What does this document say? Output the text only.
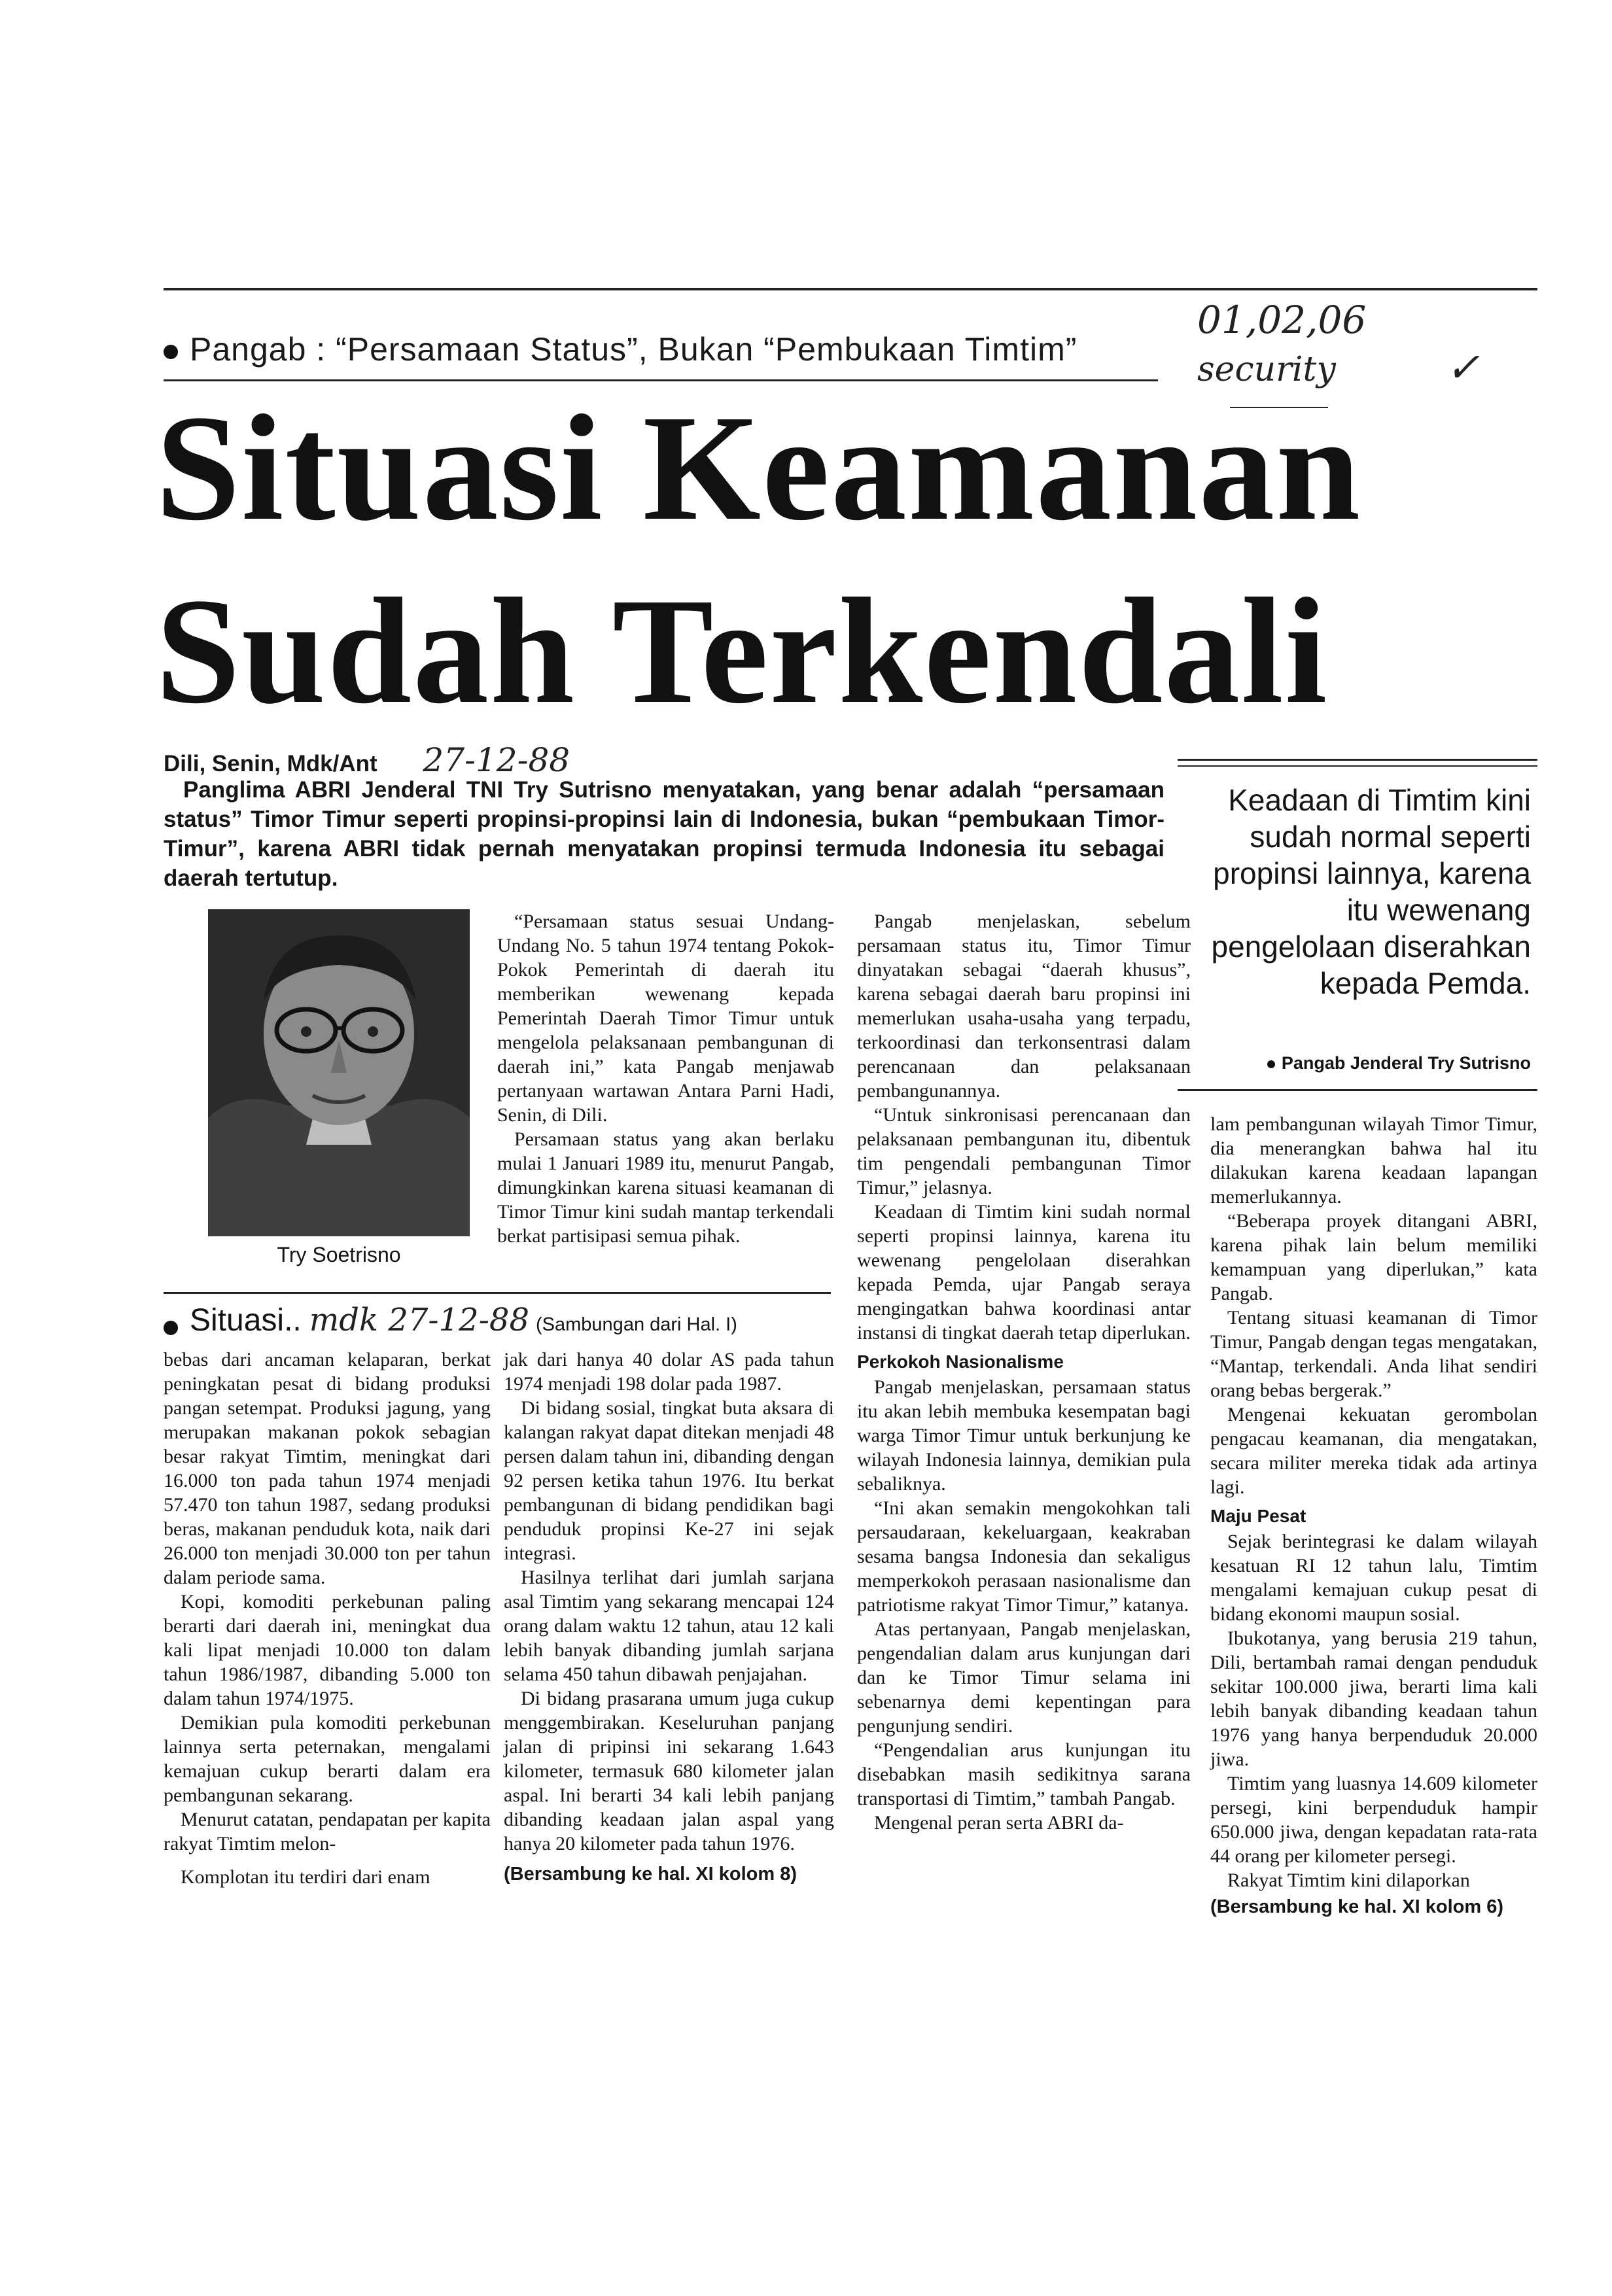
Pangab : “Persamaan Status”, Bukan “Pembukaan Timtim”
01,02,06
security	✓
Situasi Keamanan
Sudah Terkendali
Dili, Senin, Mdk/Ant 27-12-88
Panglima ABRI Jenderal TNI Try Sutrisno menyatakan, yang benar adalah “persamaan status” Timor Timur seperti propinsi-propinsi lain di Indonesia, bukan “pembukaan Timor-Timur”, karena ABRI tidak pernah menyatakan propinsi termuda Indonesia itu sebagai daerah tertutup.
Keadaan di Timtim kini sudah normal seperti propinsi lainnya, karena itu wewenang pengelolaan diserahkan kepada Pemda.
Pangab Jenderal Try Sutrisno
Try Soetrisno

“Persamaan status sesuai Undang-Undang No. 5 tahun 1974 tentang Pokok-Pokok Pemerintah di daerah itu memberikan wewenang kepada Pemerintah Daerah Timor Timur untuk mengelola pelaksanaan pembangunan di daerah ini,” kata Pangab menjawab pertanyaan wartawan Antara Parni Hadi, Senin, di Dili.

Persamaan status yang akan berlaku mulai 1 Januari 1989 itu, menurut Pangab, dimungkinkan karena situasi keamanan di Timor Timur kini sudah mantap terkendali berkat partisipasi semua pihak.

Pangab menjelaskan, sebelum persamaan status itu, Timor Timur dinyatakan sebagai “daerah khusus”, karena sebagai daerah baru propinsi ini memerlukan usaha-usaha yang terpadu, terkoordinasi dan terkonsentrasi dalam perencanaan dan pelaksanaan pembangunannya.

“Untuk sinkronisasi perencanaan dan pelaksanaan pembangunan itu, dibentuk tim pengendali pembangunan Timor Timur,” jelasnya.

Keadaan di Timtim kini sudah normal seperti propinsi lainnya, karena itu wewenang pengelolaan diserahkan kepada Pemda, ujar Pangab seraya mengingatkan bahwa koordinasi antar instansi di tingkat daerah tetap diperlukan.

Perkokoh Nasionalisme

Pangab menjelaskan, persamaan status itu akan lebih membuka kesempatan bagi warga Timor Timur untuk berkunjung ke wilayah Indonesia lainnya, demikian pula sebaliknya.

“Ini akan semakin mengokohkan tali persaudaraan, kekeluargaan, keakraban sesama bangsa Indonesia dan sekaligus memperkokoh perasaan nasionalisme dan patriotisme rakyat Timor Timur,” katanya.

Atas pertanyaan, Pangab menjelaskan, pengendalian dalam arus kunjungan dari dan ke Timor Timur selama ini sebenarnya demi kepentingan para pengunjung sendiri.

“Pengendalian arus kunjungan itu disebabkan masih sedikitnya sarana transportasi di Timtim,” tambah Pangab.

Mengenal peran serta ABRI da-

lam pembangunan wilayah Timor Timur, dia menerangkan bahwa hal itu dilakukan karena keadaan lapangan memerlukannya.

“Beberapa proyek ditangani ABRI, karena pihak lain belum memiliki kemampuan yang diperlukan,” kata Pangab.

Tentang situasi keamanan di Timor Timur, Pangab dengan tegas mengatakan, “Mantap, terkendali. Anda lihat sendiri orang bebas bergerak.”

Mengenai kekuatan gerombolan pengacau keamanan, dia mengatakan, secara militer mereka tidak ada artinya lagi.

Maju Pesat

Sejak berintegrasi ke dalam wilayah kesatuan RI 12 tahun lalu, Timtim mengalami kemajuan cukup pesat di bidang ekonomi maupun sosial.

Ibukotanya, yang berusia 219 tahun, Dili, bertambah ramai dengan penduduk sekitar 100.000 jiwa, berarti lima kali lebih banyak dibanding keadaan tahun 1976 yang hanya berpenduduk 20.000 jiwa.

Timtim yang luasnya 14.609 kilometer persegi, kini berpenduduk hampir 650.000 jiwa, dengan kepadatan rata-rata 44 orang per kilometer persegi.

Rakyat Timtim kini dilaporkan

(Bersambung ke hal. XI kolom 6)
Situasi.. mdk 27-12-88 (Sambungan dari Hal. I)

bebas dari ancaman kelaparan, berkat peningkatan pesat di bidang produksi pangan setempat. Produksi jagung, yang merupakan makanan pokok sebagian besar rakyat Timtim, meningkat dari 16.000 ton pada tahun 1974 menjadi 57.470 ton tahun 1987, sedang produksi beras, makanan penduduk kota, naik dari 26.000 ton menjadi 30.000 ton per tahun dalam periode sama.

Kopi, komoditi perkebunan paling berarti dari daerah ini, meningkat dua kali lipat menjadi 10.000 ton dalam tahun 1986/1987, dibanding 5.000 ton dalam tahun 1974/1975.

Demikian pula komoditi perkebunan lainnya serta peternakan, mengalami kemajuan cukup berarti dalam era pembangunan sekarang.

Menurut catatan, pendapatan per kapita rakyat Timtim melon-

Komplotan itu terdiri dari enam

jak dari hanya 40 dolar AS pada tahun 1974 menjadi 198 dolar pada 1987.

Di bidang sosial, tingkat buta aksara di kalangan rakyat dapat ditekan menjadi 48 persen dalam tahun ini, dibanding dengan 92 persen ketika tahun 1976. Itu berkat pembangunan di bidang pendidikan bagi penduduk propinsi Ke-27 ini sejak integrasi.

Hasilnya terlihat dari jumlah sarjana asal Timtim yang sekarang mencapai 124 orang dalam waktu 12 tahun, atau 12 kali lebih banyak dibanding jumlah sarjana selama 450 tahun dibawah penjajahan.

Di bidang prasarana umum juga cukup menggembirakan. Keseluruhan panjang jalan di pripinsi ini sekarang 1.643 kilometer, termasuk 680 kilometer jalan aspal. Ini berarti 34 kali lebih panjang dibanding keadaan jalan aspal yang hanya 20 kilometer pada tahun 1976.

(Bersambung ke hal. XI kolom 8)
